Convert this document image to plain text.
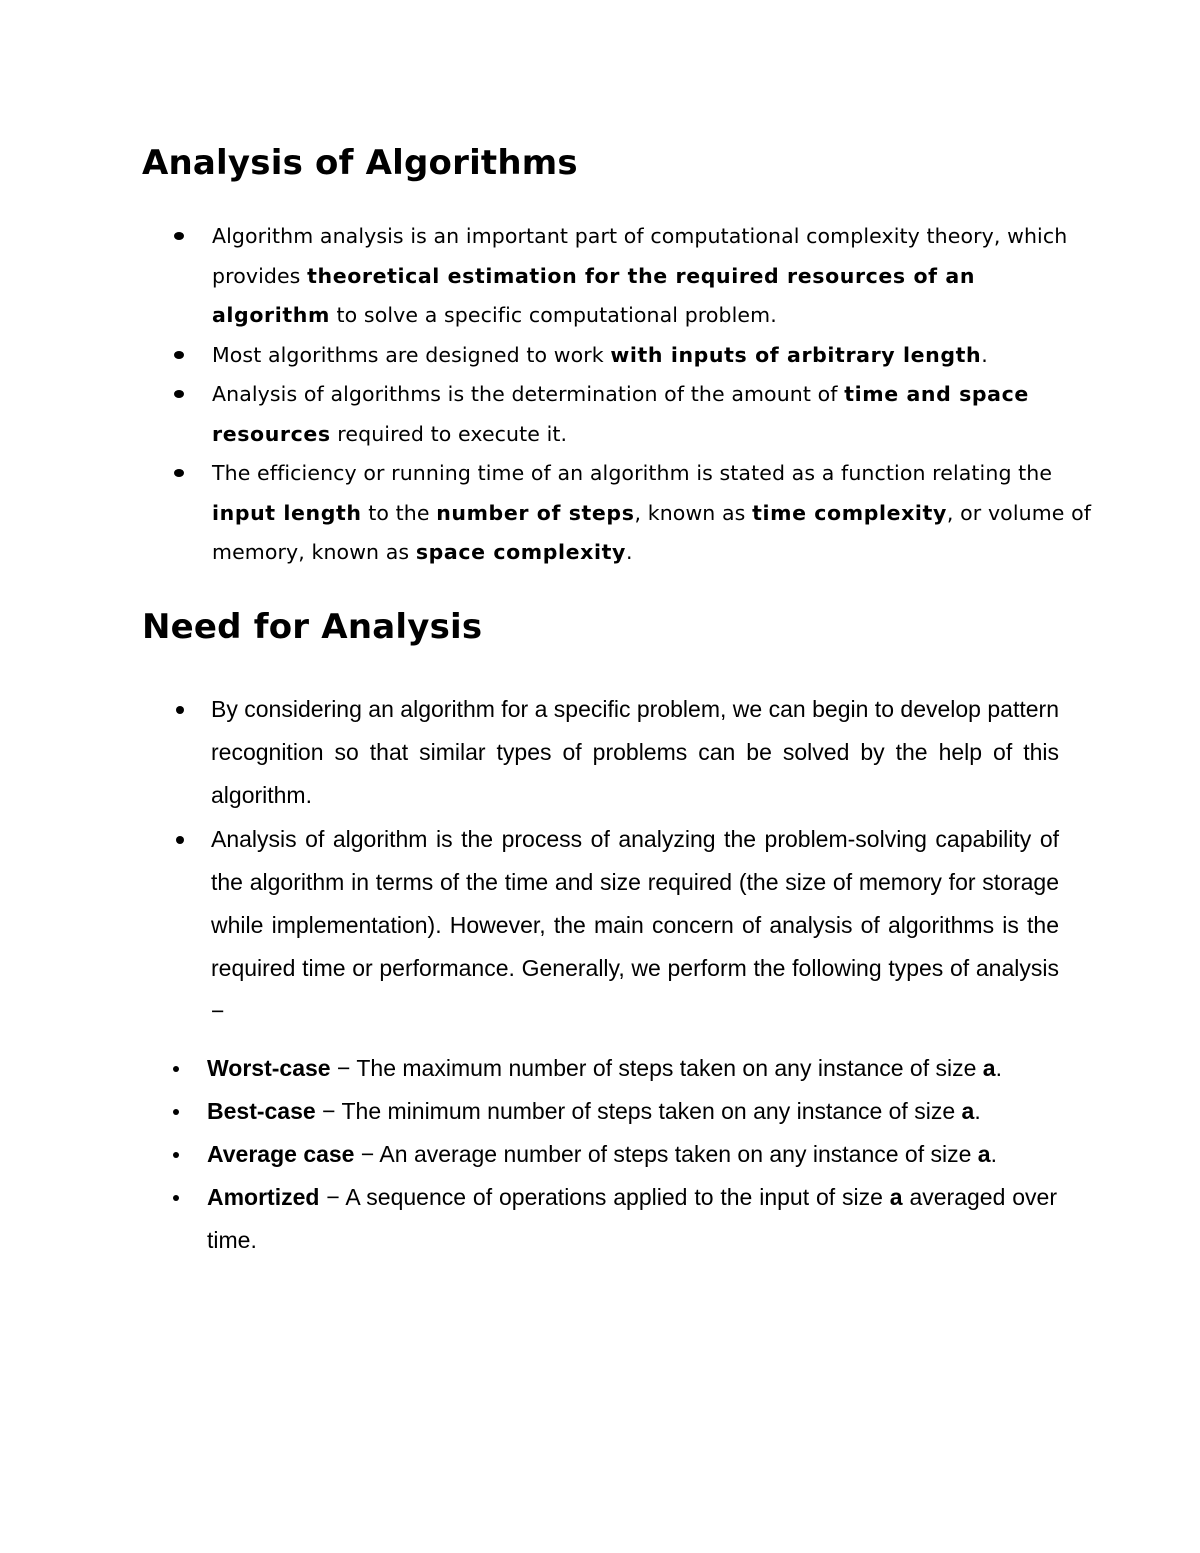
Analysis of Algorithms
Algorithm analysis is an important part of computational complexity theory, which provides theoretical estimation for the required resources of an algorithm to solve a specific computational problem.
Most algorithms are designed to work with inputs of arbitrary length.
Analysis of algorithms is the determination of the amount of time and space resources required to execute it.
The efficiency or running time of an algorithm is stated as a function relating the input length to the number of steps, known as time complexity, or volume of memory, known as space complexity.
Need for Analysis
By considering an algorithm for a specific problem, we can begin to develop pattern recognition so that similar types of problems can be solved by the help of this algorithm.
Analysis of algorithm is the process of analyzing the problem-solving capability of the algorithm in terms of the time and size required (the size of memory for storage while implementation). However, the main concern of analysis of algorithms is the required time or performance. Generally, we perform the following types of analysis −
Worst-case − The maximum number of steps taken on any instance of size a.
Best-case − The minimum number of steps taken on any instance of size a.
Average case − An average number of steps taken on any instance of size a.
Amortized − A sequence of operations applied to the input of size a averaged over time.
